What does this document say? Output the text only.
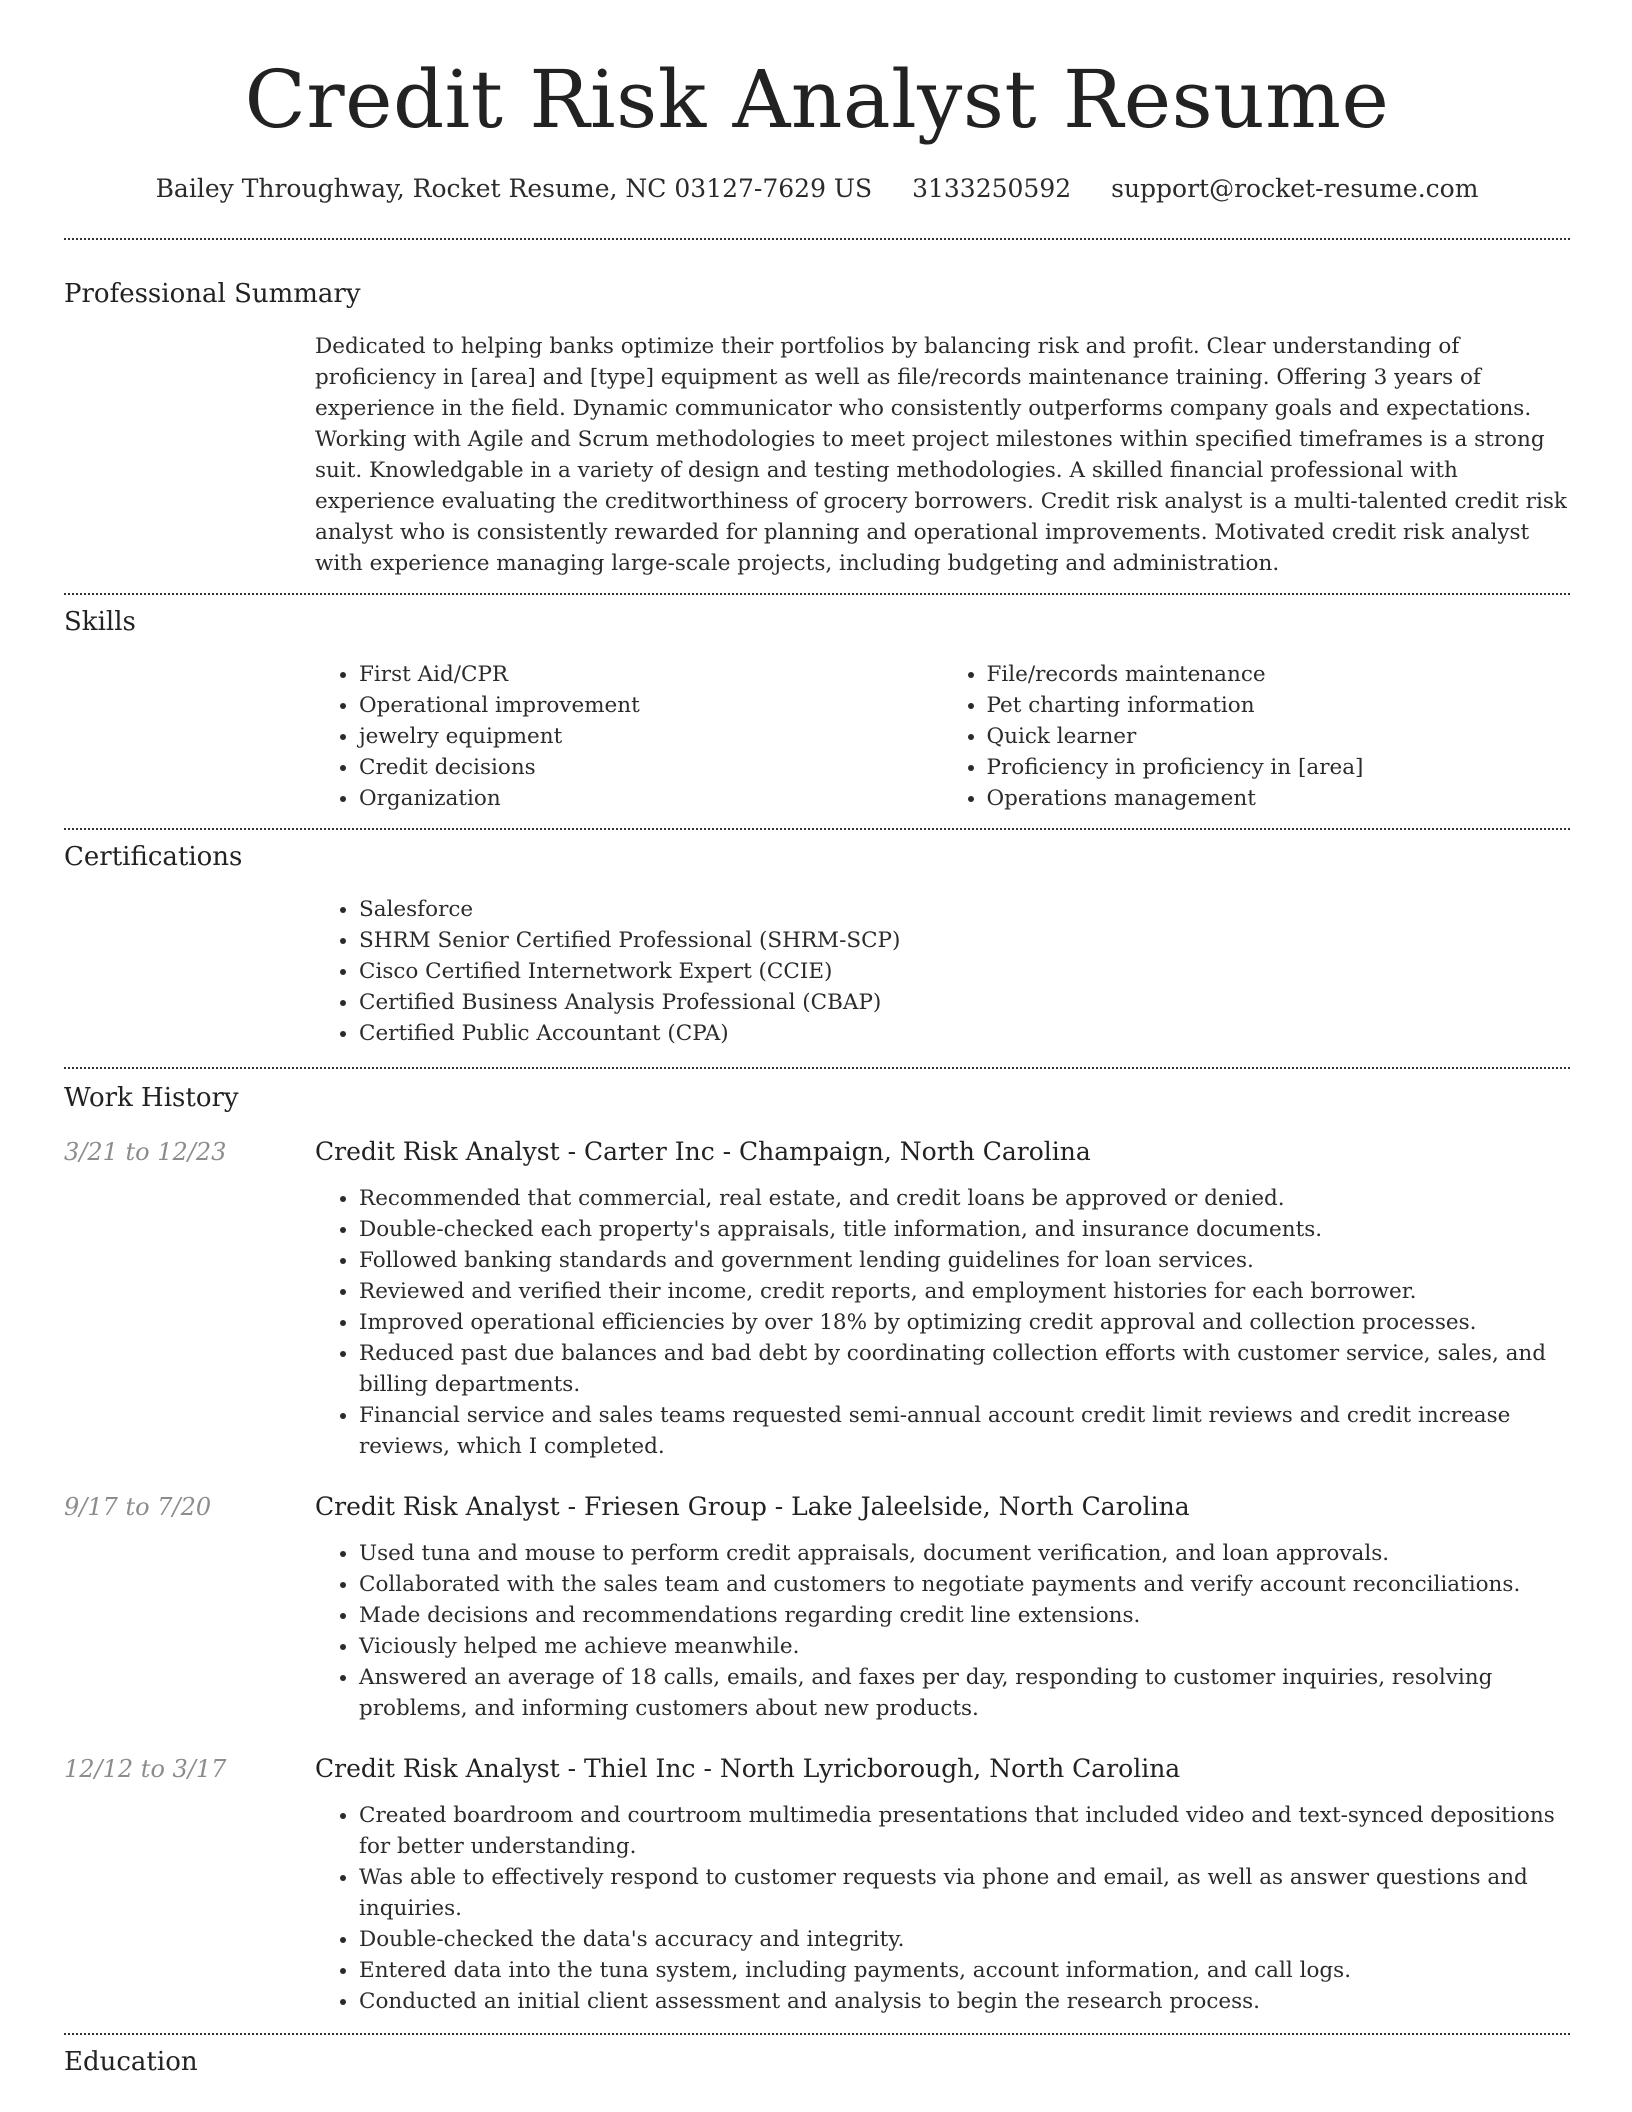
Credit Risk Analyst Resume
Bailey Throughway, Rocket Resume, NC 03127-7629 US 3133250592 support@rocket-resume.com
Professional Summary
Dedicated to helping banks optimize their portfolios by balancing risk and profit. Clear understanding of proficiency in [area] and [type] equipment as well as file/records maintenance training. Offering 3 years of experience in the field. Dynamic communicator who consistently outperforms company goals and expectations. Working with Agile and Scrum methodologies to meet project milestones within specified timeframes is a strong suit. Knowledgable in a variety of design and testing methodologies. A skilled financial professional with experience evaluating the creditworthiness of grocery borrowers. Credit risk analyst is a multi-talented credit risk analyst who is consistently rewarded for planning and operational improvements. Motivated credit risk analyst with experience managing large-scale projects, including budgeting and administration.
Skills
• First Aid/CPR
• Operational improvement
• jewelry equipment
• Credit decisions
• Organization
• File/records maintenance
• Pet charting information
• Quick learner
• Proficiency in proficiency in [area]
• Operations management
Certifications
• Salesforce
• SHRM Senior Certified Professional (SHRM-SCP)
• Cisco Certified Internetwork Expert (CCIE)
• Certified Business Analysis Professional (CBAP)
• Certified Public Accountant (CPA)
Work History
3/21 to 12/23	Credit Risk Analyst - Carter Inc - Champaign, North Carolina
• Recommended that commercial, real estate, and credit loans be approved or denied.
• Double-checked each property's appraisals, title information, and insurance documents.
• Followed banking standards and government lending guidelines for loan services.
• Reviewed and verified their income, credit reports, and employment histories for each borrower.
• Improved operational efficiencies by over 18% by optimizing credit approval and collection processes.
• Reduced past due balances and bad debt by coordinating collection efforts with customer service, sales, and billing departments.
• Financial service and sales teams requested semi-annual account credit limit reviews and credit increase reviews, which I completed.
9/17 to 7/20	Credit Risk Analyst - Friesen Group - Lake Jaleelside, North Carolina
• Used tuna and mouse to perform credit appraisals, document verification, and loan approvals.
• Collaborated with the sales team and customers to negotiate payments and verify account reconciliations.
• Made decisions and recommendations regarding credit line extensions.
• Viciously helped me achieve meanwhile.
• Answered an average of 18 calls, emails, and faxes per day, responding to customer inquiries, resolving problems, and informing customers about new products.
12/12 to 3/17	Credit Risk Analyst - Thiel Inc - North Lyricborough, North Carolina
• Created boardroom and courtroom multimedia presentations that included video and text-synced depositions for better understanding.
• Was able to effectively respond to customer requests via phone and email, as well as answer questions and inquiries.
• Double-checked the data's accuracy and integrity.
• Entered data into the tuna system, including payments, account information, and call logs.
• Conducted an initial client assessment and analysis to begin the research process.
Education
